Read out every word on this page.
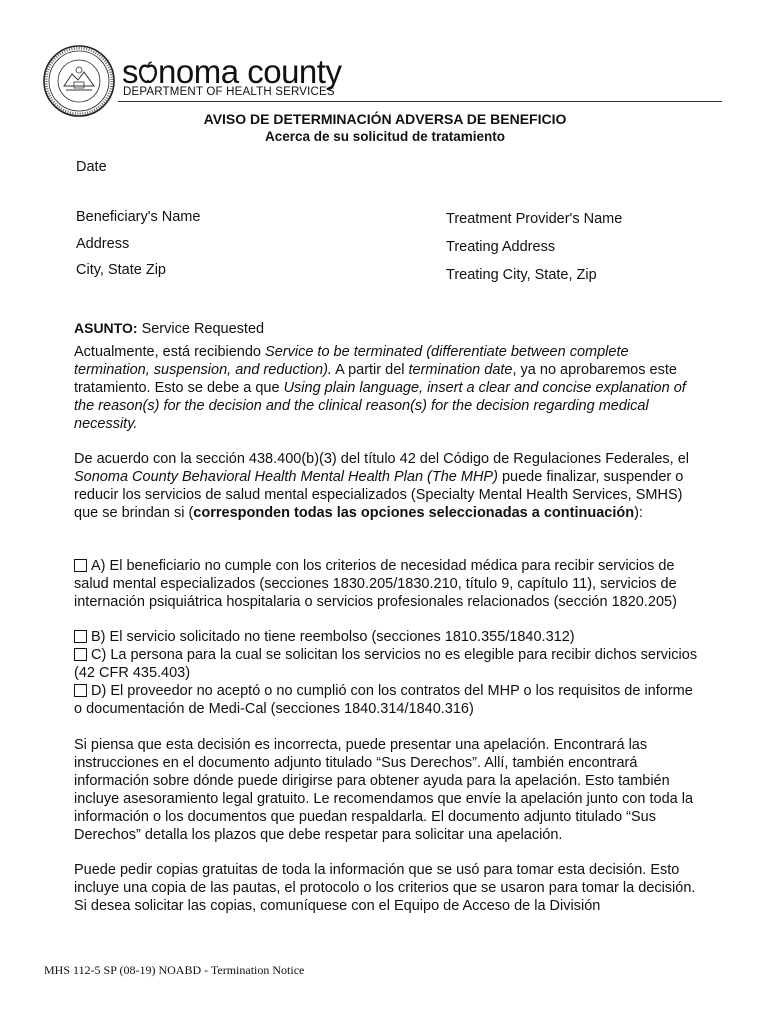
s noma county
DEPARTMENT OF HEALTH SERVICES
AVISO DE DETERMINACIÓN ADVERSA DE BENEFICIO
Acerca de su solicitud de tratamiento
Date
Beneficiary's Name
Address
City, State Zip
Treatment Provider's Name
Treating Address
Treating City, State, Zip
ASUNTO: Service Requested
Actualmente, está recibiendo Service to be terminated (differentiate between complete termination, suspension, and reduction). A partir del termination date, ya no aprobaremos este tratamiento. Esto se debe a que Using plain language, insert a clear and concise explanation of the reason(s) for the decision and the clinical reason(s) for the decision regarding medical necessity.
De acuerdo con la sección 438.400(b)(3) del título 42 del Código de Regulaciones Federales, el Sonoma County Behavioral Health Mental Health Plan (The MHP) puede finalizar, suspender o reducir los servicios de salud mental especializados (Specialty Mental Health Services, SMHS) que se brindan si (corresponden todas las opciones seleccionadas a continuación):
A) El beneficiario no cumple con los criterios de necesidad médica para recibir servicios de salud mental especializados (secciones 1830.205/1830.210, título 9, capítulo 11), servicios de internación psiquiátrica hospitalaria o servicios profesionales relacionados (sección 1820.205)
B) El servicio solicitado no tiene reembolso (secciones 1810.355/1840.312)
C) La persona para la cual se solicitan los servicios no es elegible para recibir dichos servicios (42 CFR 435.403)
D) El proveedor no aceptó o no cumplió con los contratos del MHP o los requisitos de informe o documentación de Medi-Cal (secciones 1840.314/1840.316)
Si piensa que esta decisión es incorrecta, puede presentar una apelación. Encontrará las instrucciones en el documento adjunto titulado “Sus Derechos”. Allí, también encontrará información sobre dónde puede dirigirse para obtener ayuda para la apelación. Esto también incluye asesoramiento legal gratuito. Le recomendamos que envíe la apelación junto con toda la información o los documentos que puedan respaldarla. El documento adjunto titulado “Sus Derechos” detalla los plazos que debe respetar para solicitar una apelación.
Puede pedir copias gratuitas de toda la información que se usó para tomar esta decisión. Esto incluye una copia de las pautas, el protocolo o los criterios que se usaron para tomar la decisión. Si desea solicitar las copias, comuníquese con el Equipo de Acceso de la División
MHS 112-5 SP (08-19) NOABD - Termination Notice
